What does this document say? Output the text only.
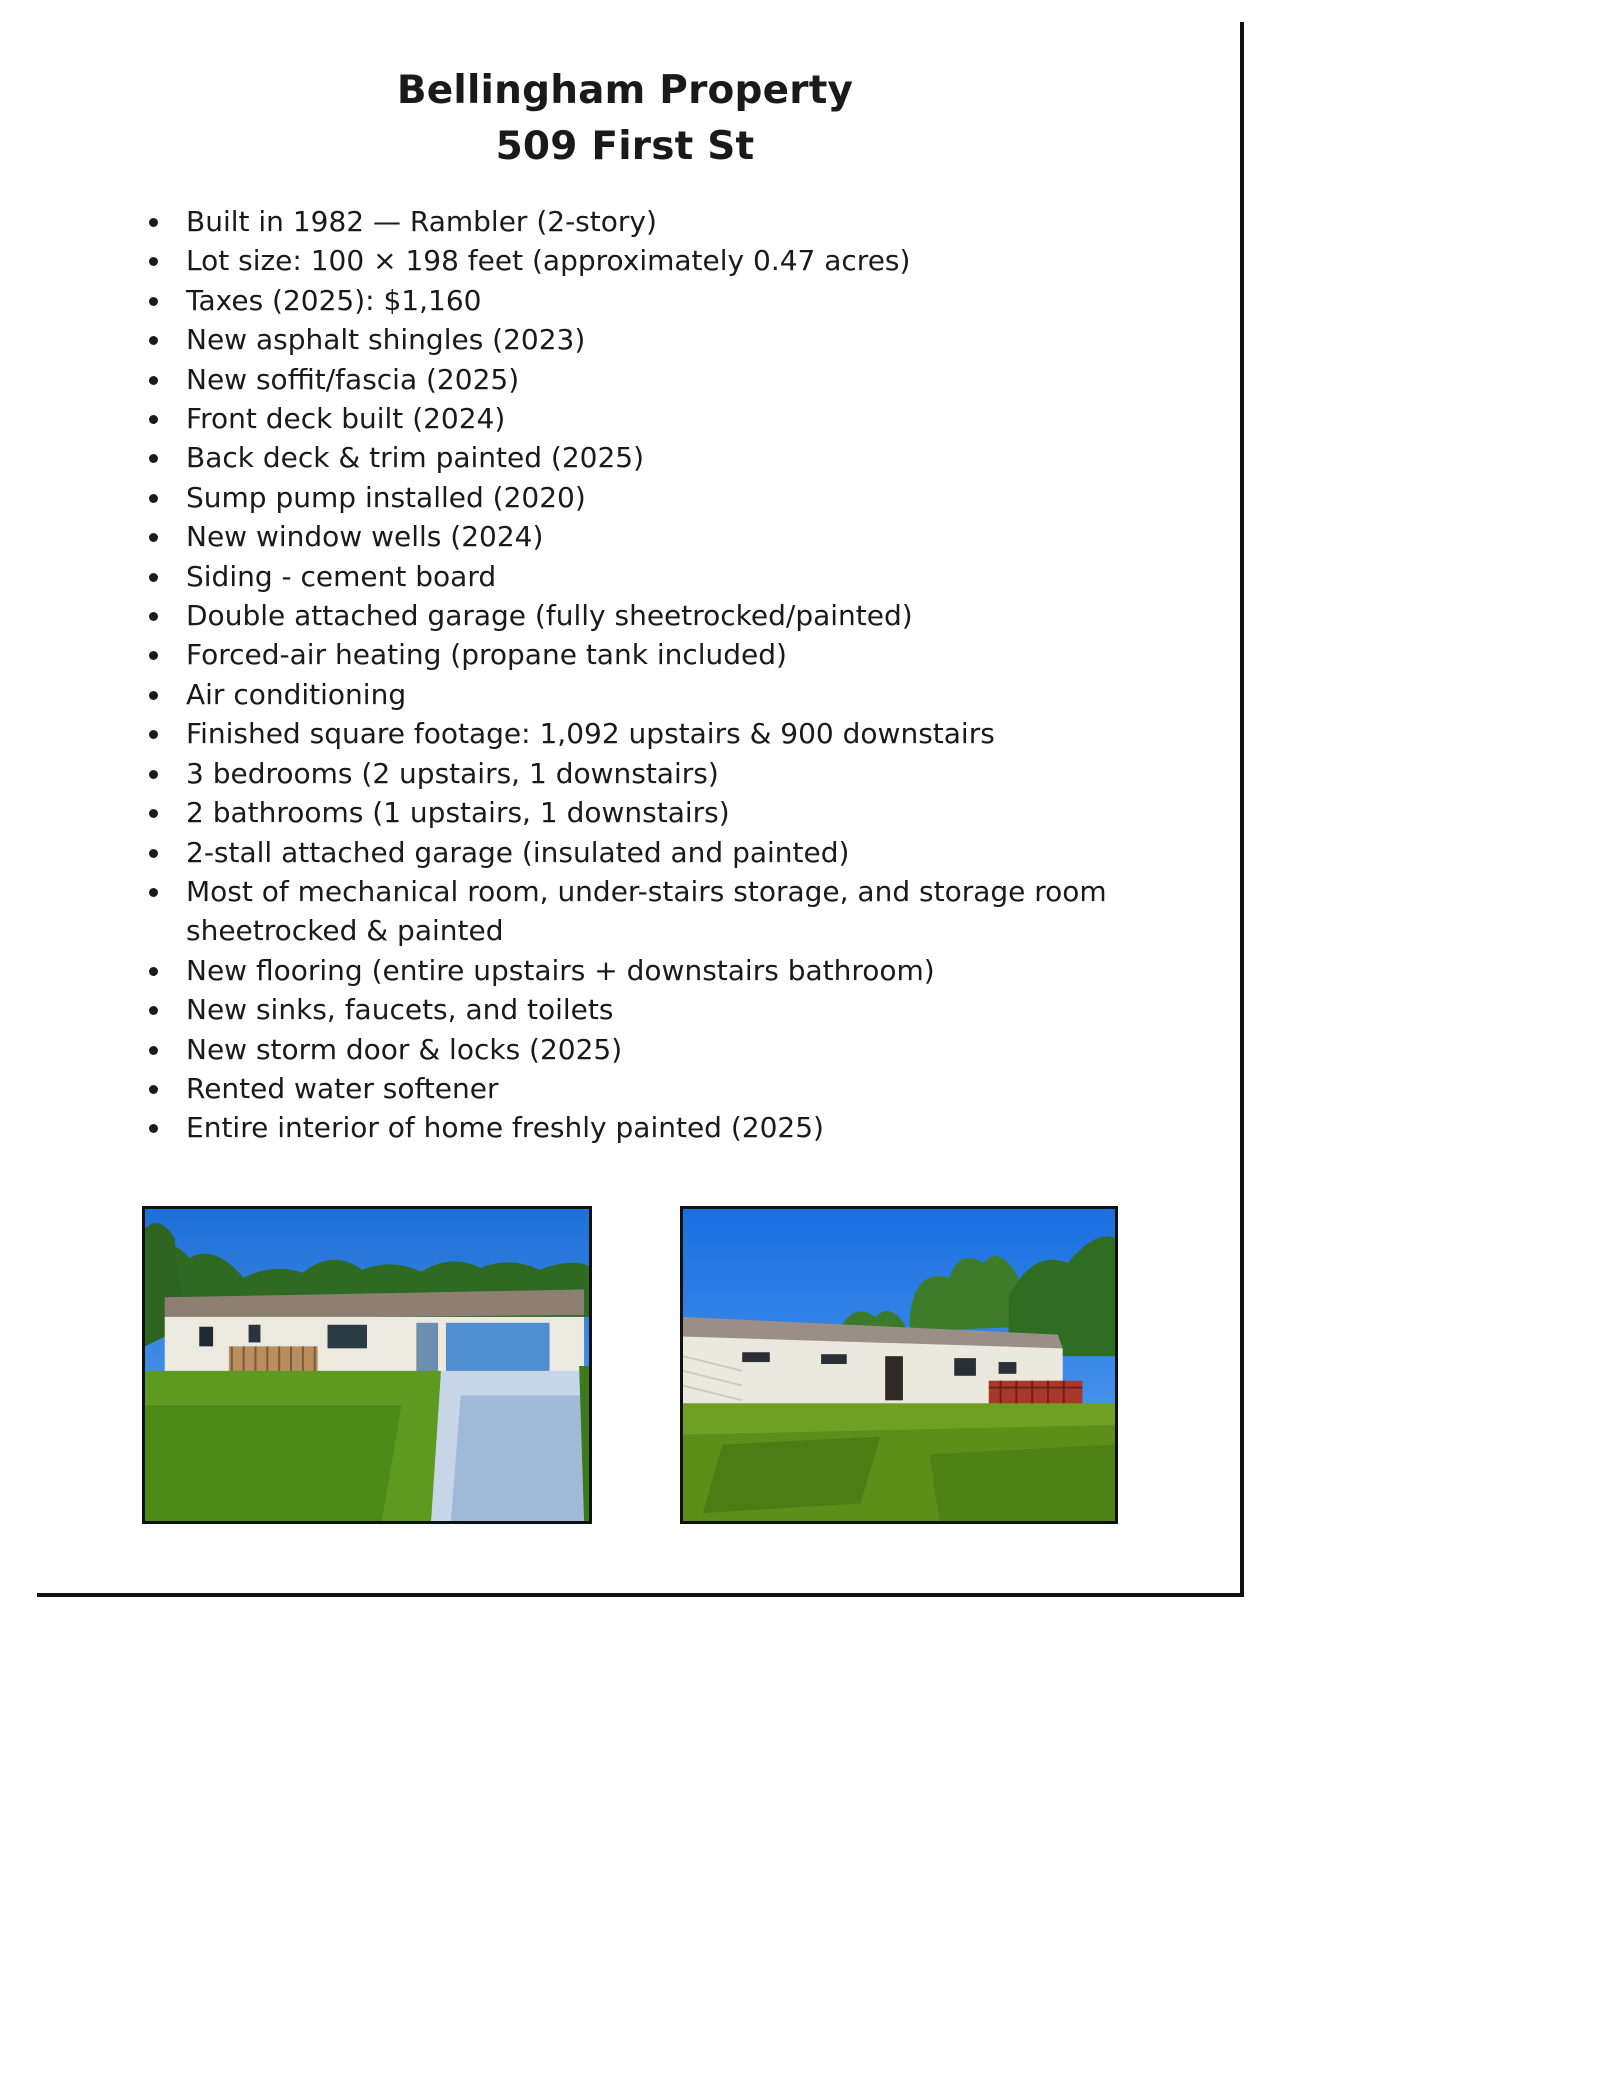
Bellingham Property
509 First St
Built in 1982 — Rambler (2-story)
Lot size: 100 × 198 feet (approximately 0.47 acres)
Taxes (2025): $1,160
New asphalt shingles (2023)
New soffit/fascia (2025)
Front deck built (2024)
Back deck & trim painted (2025)
Sump pump installed (2020)
New window wells (2024)
Siding - cement board
Double attached garage (fully sheetrocked/painted)
Forced-air heating (propane tank included)
Air conditioning
Finished square footage: 1,092 upstairs & 900 downstairs
3 bedrooms (2 upstairs, 1 downstairs)
2 bathrooms (1 upstairs, 1 downstairs)
2-stall attached garage (insulated and painted)
Most of mechanical room, under-stairs storage, and storage room sheetrocked & painted
New flooring (entire upstairs + downstairs bathroom)
New sinks, faucets, and toilets
New storm door & locks (2025)
Rented water softener
Entire interior of home freshly painted (2025)
